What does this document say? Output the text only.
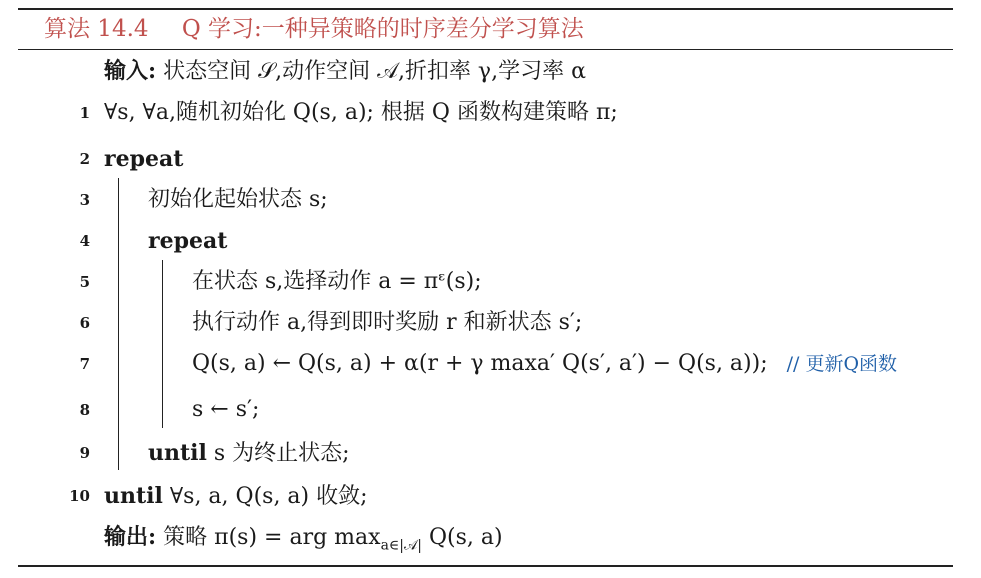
算法 14.4 Q 学习:一种异策略的时序差分学习算法
输入: 状态空间 𝒮,动作空间 𝒜,折扣率 γ,学习率 α
1 ∀s, ∀a,随机初始化 Q(s, a); 根据 Q 函数构建策略 π;
2 repeat
3	初始化起始状态 s;
4	repeat
5	在状态 s,选择动作 a = πᵋ(s);
6	执行动作 a,得到即时奖励 r 和新状态 s′;
7	Q(s, a) ← Q(s, a) + α(r + γ maxa′ Q(s′, a′) − Q(s, a)); // 更新Q函数
8	s ← s′;
9	until s 为终止状态;
10 until ∀s, a, Q(s, a) 收敛;
输出: 策略 π(s) = arg $\max_{a\in|𝒜|} Q(s$, a)
